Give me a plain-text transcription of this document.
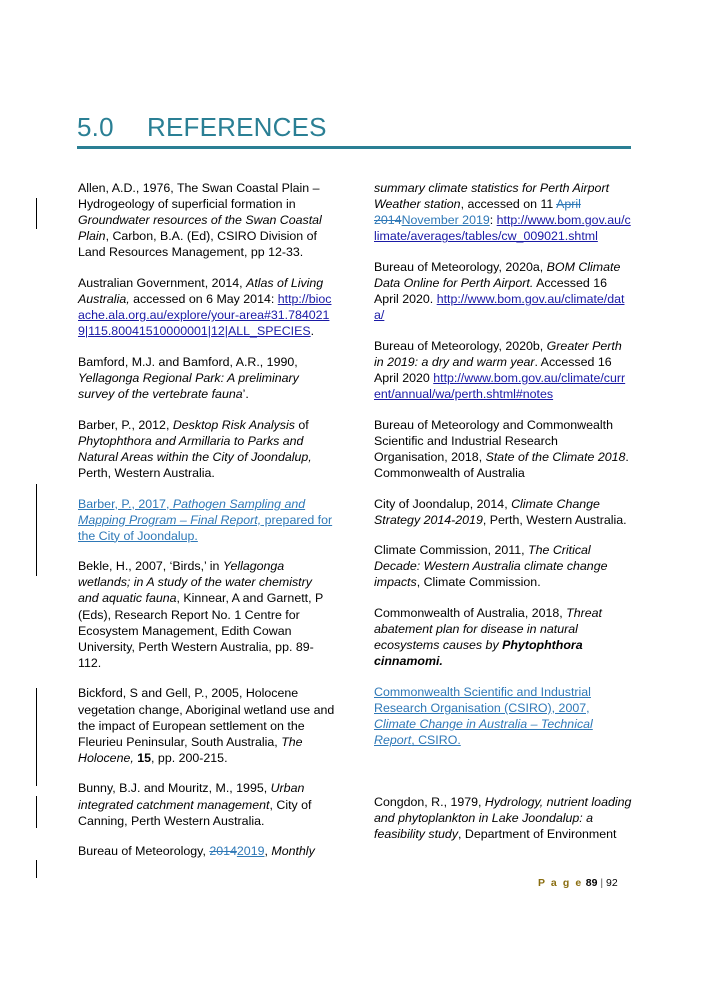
5.0 REFERENCES

Allen, A.D., 1976, The Swan Coastal Plain – Hydrogeology of superficial formation in Groundwater resources of the Swan Coastal Plain, Carbon, B.A. (Ed), CSIRO Division of Land Resources Management, pp 12-33.

Australian Government, 2014, Atlas of Living Australia, accessed on 6 May 2014: http://biocache.ala.org.au/explore/your-area#31.7840219|115.80041510000001|12|ALL_SPECIES.

Bamford, M.J. and Bamford, A.R., 1990, Yellagonga Regional Park: A preliminary survey of the vertebrate fauna’.

Barber, P., 2012, Desktop Risk Analysis of Phytophthora and Armillaria to Parks and Natural Areas within the City of Joondalup, Perth, Western Australia.

Barber, P., 2017, Pathogen Sampling and Mapping Program – Final Report, prepared for the City of Joondalup.

Bekle, H., 2007, ‘Birds,’ in Yellagonga wetlands; in A study of the water chemistry and aquatic fauna, Kinnear, A and Garnett, P (Eds), Research Report No. 1 Centre for Ecosystem Management, Edith Cowan University, Perth Western Australia, pp. 89-112.

Bickford, S and Gell, P., 2005, Holocene vegetation change, Aboriginal wetland use and the impact of European settlement on the Fleurieu Peninsular, South Australia, The Holocene, 15, pp. 200-215.

Bunny, B.J. and Mouritz, M., 1995, Urban integrated catchment management, City of Canning, Perth Western Australia.

Bureau of Meteorology, 20142019, Monthly

summary climate statistics for Perth Airport Weather station, accessed on 11 April 2014November 2019: http://www.bom.gov.au/climate/averages/tables/cw_009021.shtml

Bureau of Meteorology, 2020a, BOM Climate Data Online for Perth Airport. Accessed 16 April 2020. http://www.bom.gov.au/climate/data/

Bureau of Meteorology, 2020b, Greater Perth in 2019: a dry and warm year. Accessed 16 April 2020 http://www.bom.gov.au/climate/current/annual/wa/perth.shtml#notes

Bureau of Meteorology and Commonwealth Scientific and Industrial Research Organisation, 2018, State of the Climate 2018. Commonwealth of Australia

City of Joondalup, 2014, Climate Change Strategy 2014-2019, Perth, Western Australia.

Climate Commission, 2011, The Critical Decade: Western Australia climate change impacts, Climate Commission.

Commonwealth of Australia, 2018, Threat abatement plan for disease in natural ecosystems causes by Phytophthora cinnamomi.

Commonwealth Scientific and Industrial Research Organisation (CSIRO), 2007, Climate Change in Australia – Technical Report, CSIRO.

Congdon, R., 1979, Hydrology, nutrient loading and phytoplankton in Lake Joondalup: a feasibility study, Department of Environment

P a g e 89 | 92
